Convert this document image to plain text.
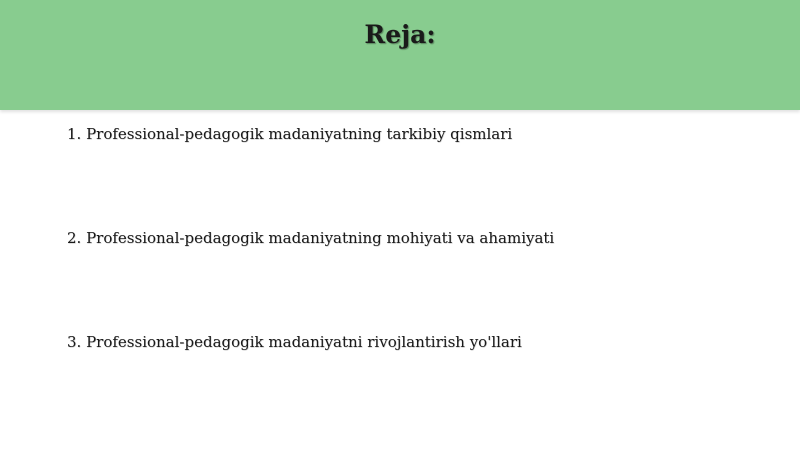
Reja:
1. Professional-pedagogik madaniyatning tarkibiy qismlari
2. Professional-pedagogik madaniyatning mohiyati va ahamiyati
3. Professional-pedagogik madaniyatni rivojlantirish yo'llari
